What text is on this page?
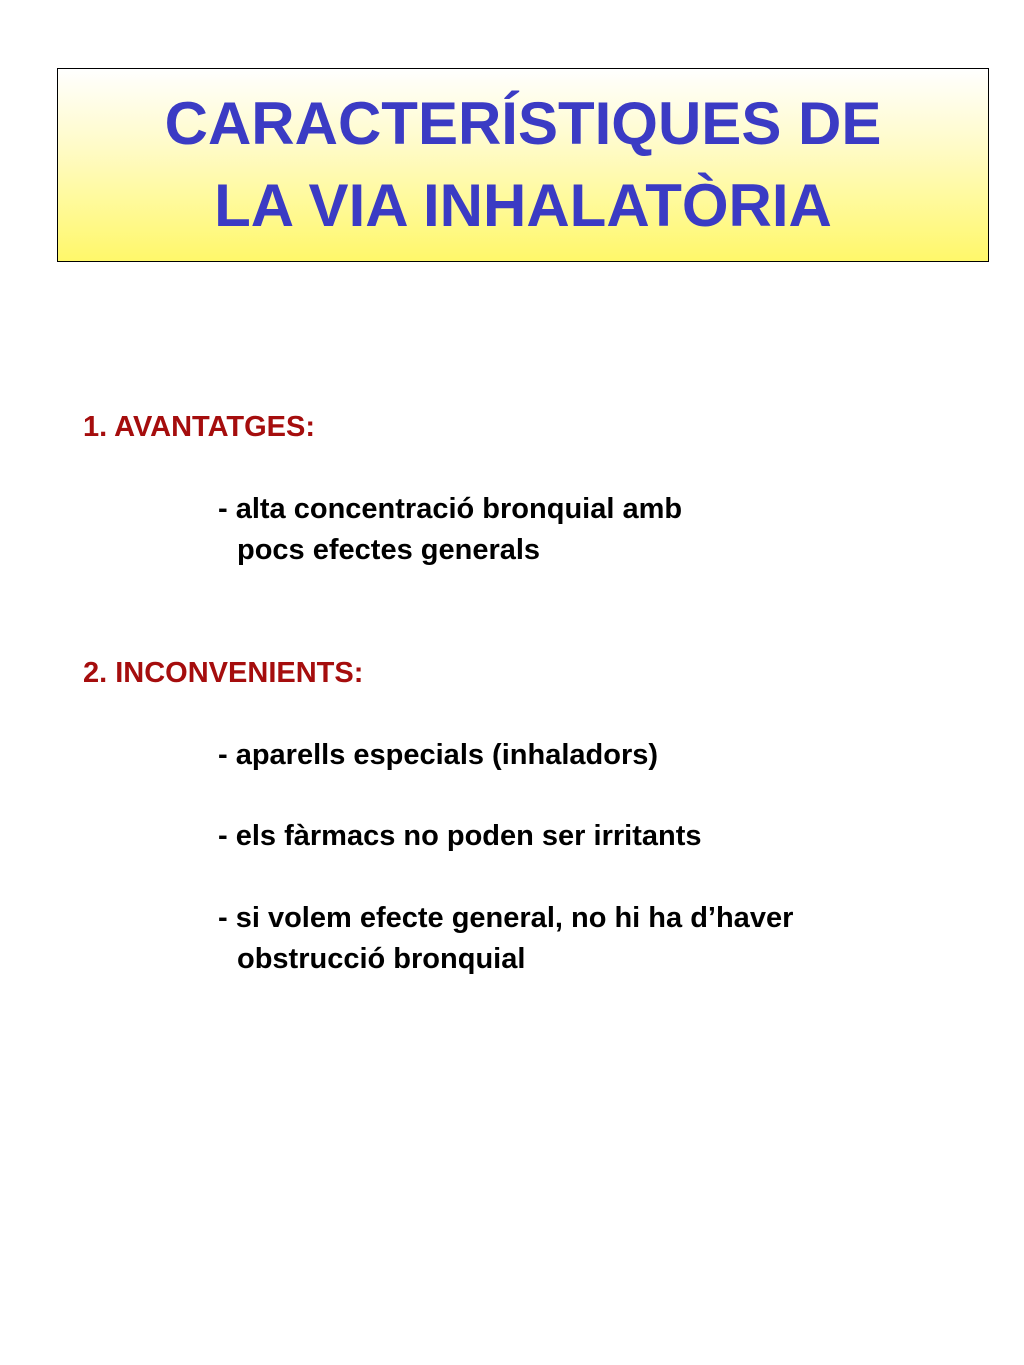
CARACTERÍSTIQUES DE
LA VIA INHALATÒRIA
1. AVANTATGES:
- alta concentració bronquial amb
pocs efectes generals
2. INCONVENIENTS:
- aparells especials (inhaladors)
- els fàrmacs no poden ser irritants
- si volem efecte general, no hi ha d’haver
obstrucció bronquial
